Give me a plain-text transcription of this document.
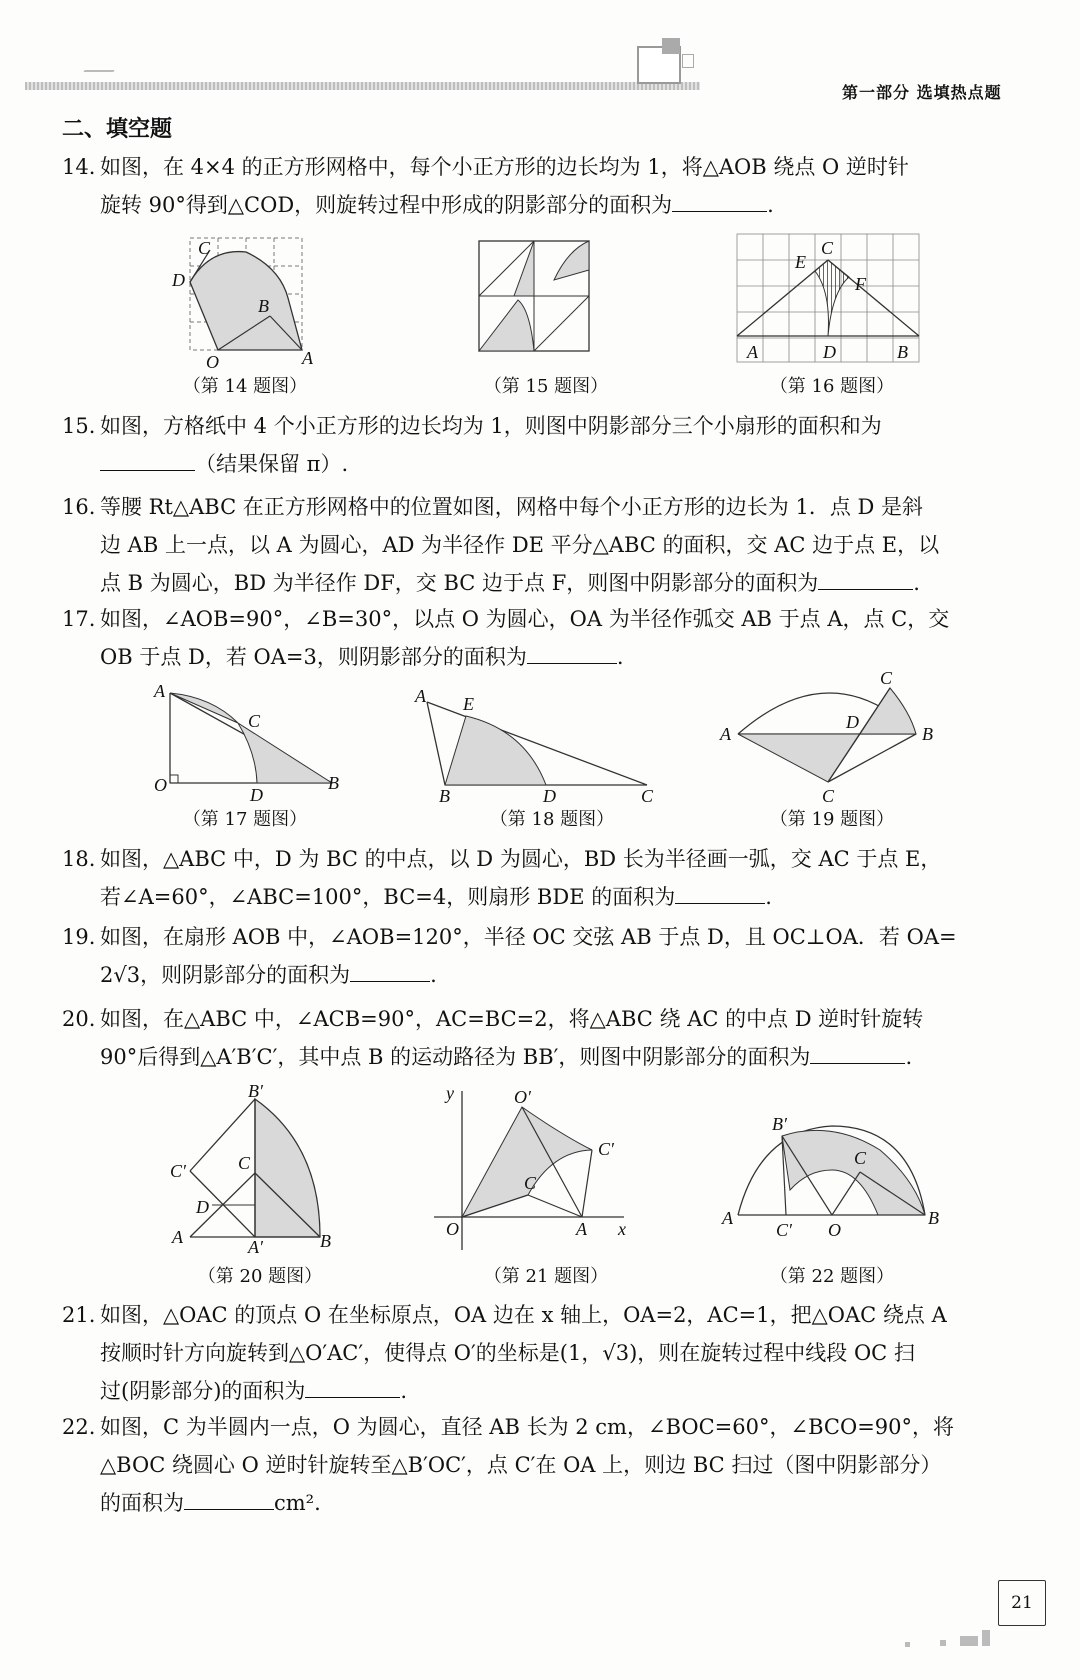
第一部分 选填热点题
二、填空题
14. 如图，在 4×4 的正方形网格中，每个小正方形的边长均为 1，将△AOB 绕点 O 逆时针
旋转 90°得到△COD，则旋转过程中形成的阴影部分的面积为	.
C
D
B
O	A
（第 14 题图）	（第 15 题图）
E
C
F
A	D	B
（第 16 题图）
15. 如图，方格纸中 4 个小正方形的边长均为 1，则图中阴影部分三个小扇形的面积和为
（结果保留 π）.
16. 等腰 Rt△ABC 在正方形网格中的位置如图，网格中每个小正方形的边长为 1．点 D 是斜
边 AB 上一点，以 A 为圆心，AD 为半径作 DE 平分△ABC 的面积，交 AC 边于点 E，以
点 B 为圆心，BD 为半径作 DF，交 BC 边于点 F，则图中阴影部分的面积为	.
17. 如图，∠AOB=90°，∠B=30°，以点 O 为圆心，OA 为半径作弧交 AB 于点 A，点 C，交
OB 于点 D，若 OA=3，则阴影部分的面积为	.
A
C
O	D
B
（第 17 题图）
A E
B	D	C
（第 18 题图）
C
D
A	B
C
（第 19 题图）
18. 如图，△ABC 中，D 为 BC 的中点，以 D 为圆心，BD 长为半径画一弧，交 AC 于点 E，
若∠A=60°，∠ABC=100°，BC=4，则扇形 BDE 的面积为	.
19. 如图，在扇形 AOB 中，∠AOB=120°，半径 OC 交弦 AB 于点 D，且 OC⊥OA．若 OA=
2√3，则阴影部分的面积为	.
20. 如图，在△ABC 中，∠ACB=90°，AC=BC=2，将△ABC 绕 AC 的中点 D 逆时针旋转
90°后得到△A′B′C′，其中点 B 的运动路径为 BB′，则图中阴影部分的面积为	.
B′
C′	C
D
A	A′	B
（第 20 题图）
y	O′
C′
C
O	A x
（第 21 题图）
B′
C
A
C′ O
B
（第 22 题图）
21. 如图，△OAC 的顶点 O 在坐标原点，OA 边在 x 轴上，OA=2，AC=1，把△OAC 绕点 A
按顺时针方向旋转到△O′AC′，使得点 O′的坐标是(1，√3)，则在旋转过程中线段 OC 扫
过(阴影部分)的面积为	.
22. 如图，C 为半圆内一点，O 为圆心，直径 AB 长为 2 cm，∠BOC=60°，∠BCO=90°，将
△BOC 绕圆心 O 逆时针旋转至△B′OC′，点 C′在 OA 上，则边 BC 扫过（图中阴影部分）
的面积为	cm².
21
